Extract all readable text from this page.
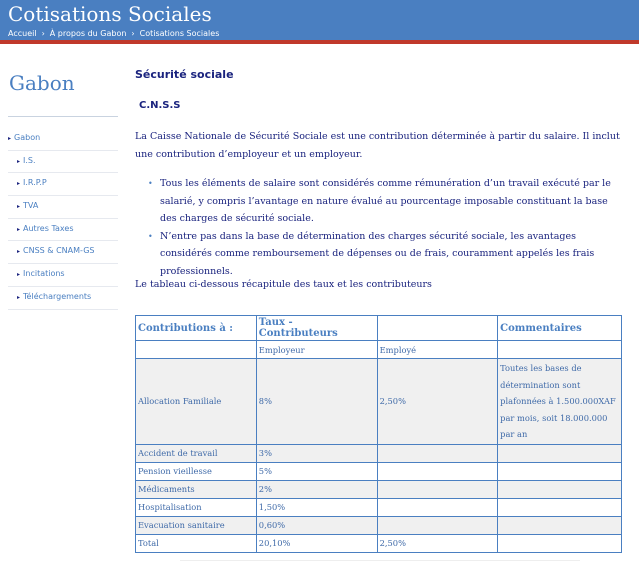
Cotisations Sociales
Accueil › À propos du Gabon › Cotisations Sociales
Gabon
▸ Gabon
▸ I.S.
▸ I.R.P.P
▸ TVA
▸ Autres Taxes
▸ CNSS & CNAM-GS
▸ Incitations
▸ Téléchargements
Sécurité sociale
C.N.S.S

La Caisse Nationale de Sécurité Sociale est une contribution déterminée à partir du salaire. Il inclut une contribution d’employeur et un employeur.

• Tous les éléments de salaire sont considérés comme rémunération d’un travail exécuté par le salarié, y compris l’avantage en nature évalué au pourcentage imposable constituant la base des charges de sécurité sociale.
• N’entre pas dans la base de détermination des charges sécurité sociale, les avantages considérés comme remboursement de dépenses ou de frais, couramment appelés les frais professionnels.

Le tableau ci-dessous récapitule des taux et les contributeurs

Contributions à :	Taux - Contributeurs		Commentaires
	Employeur	Employé	
Allocation Familiale	8%	2,50%	Toutes les bases de détermination sont plafonnées à 1.500.000XAF par mois, soit 18.000.000 par an
Accident de travail	3%		
Pension vieillesse	5%		
Médicaments	2%		
Hospitalisation	1,50%		
Evacuation sanitaire	0,60%		
Total	20,10%	2,50%	
